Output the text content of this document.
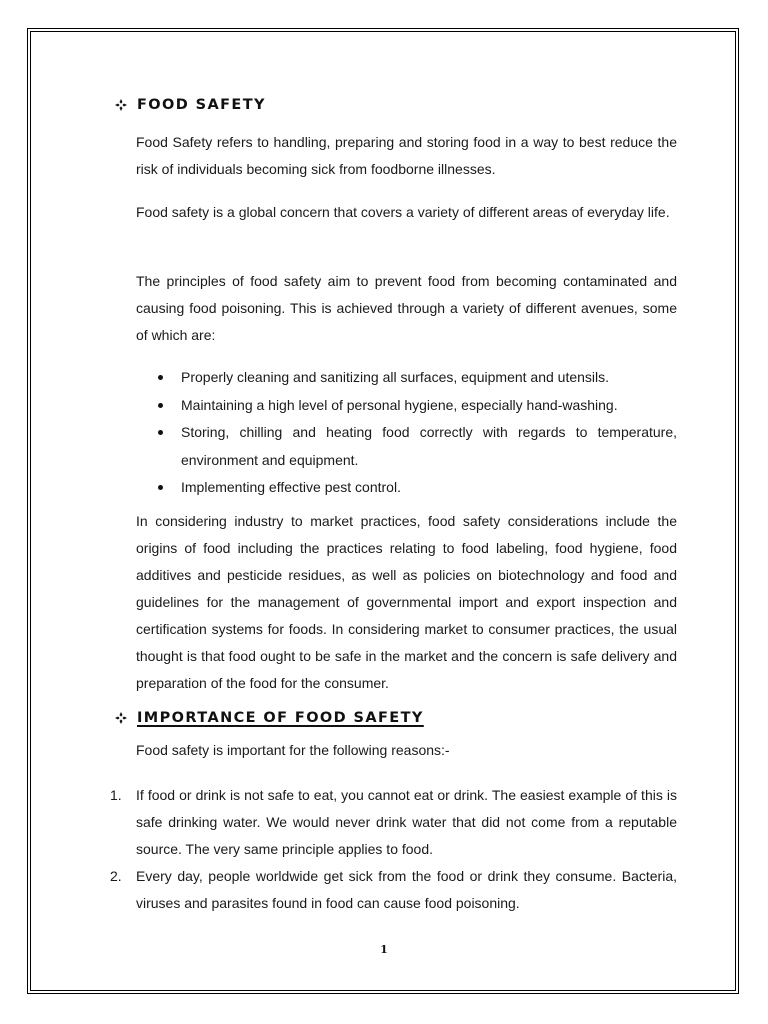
FOOD SAFETY

Food Safety refers to handling, preparing and storing food in a way to best reduce the risk of individuals becoming sick from foodborne illnesses.

Food safety is a global concern that covers a variety of different areas of everyday life.

The principles of food safety aim to prevent food from becoming contaminated and causing food poisoning. This is achieved through a variety of different avenues, some of which are:

Properly cleaning and sanitizing all surfaces, equipment and utensils.
Maintaining a high level of personal hygiene, especially hand-washing.
Storing, chilling and heating food correctly with regards to temperature, environment and equipment.
Implementing effective pest control.

In considering industry to market practices, food safety considerations include the origins of food including the practices relating to food labeling, food hygiene, food additives and pesticide residues, as well as policies on biotechnology and food and guidelines for the management of governmental import and export inspection and certification systems for foods. In considering market to consumer practices, the usual thought is that food ought to be safe in the market and the concern is safe delivery and preparation of the food for the consumer.

IMPORTANCE OF FOOD SAFETY

Food safety is important for the following reasons:-

1. If food or drink is not safe to eat, you cannot eat or drink. The easiest example of this is safe drinking water. We would never drink water that did not come from a reputable source. The very same principle applies to food.
2. Every day, people worldwide get sick from the food or drink they consume. Bacteria, viruses and parasites found in food can cause food poisoning.
1
